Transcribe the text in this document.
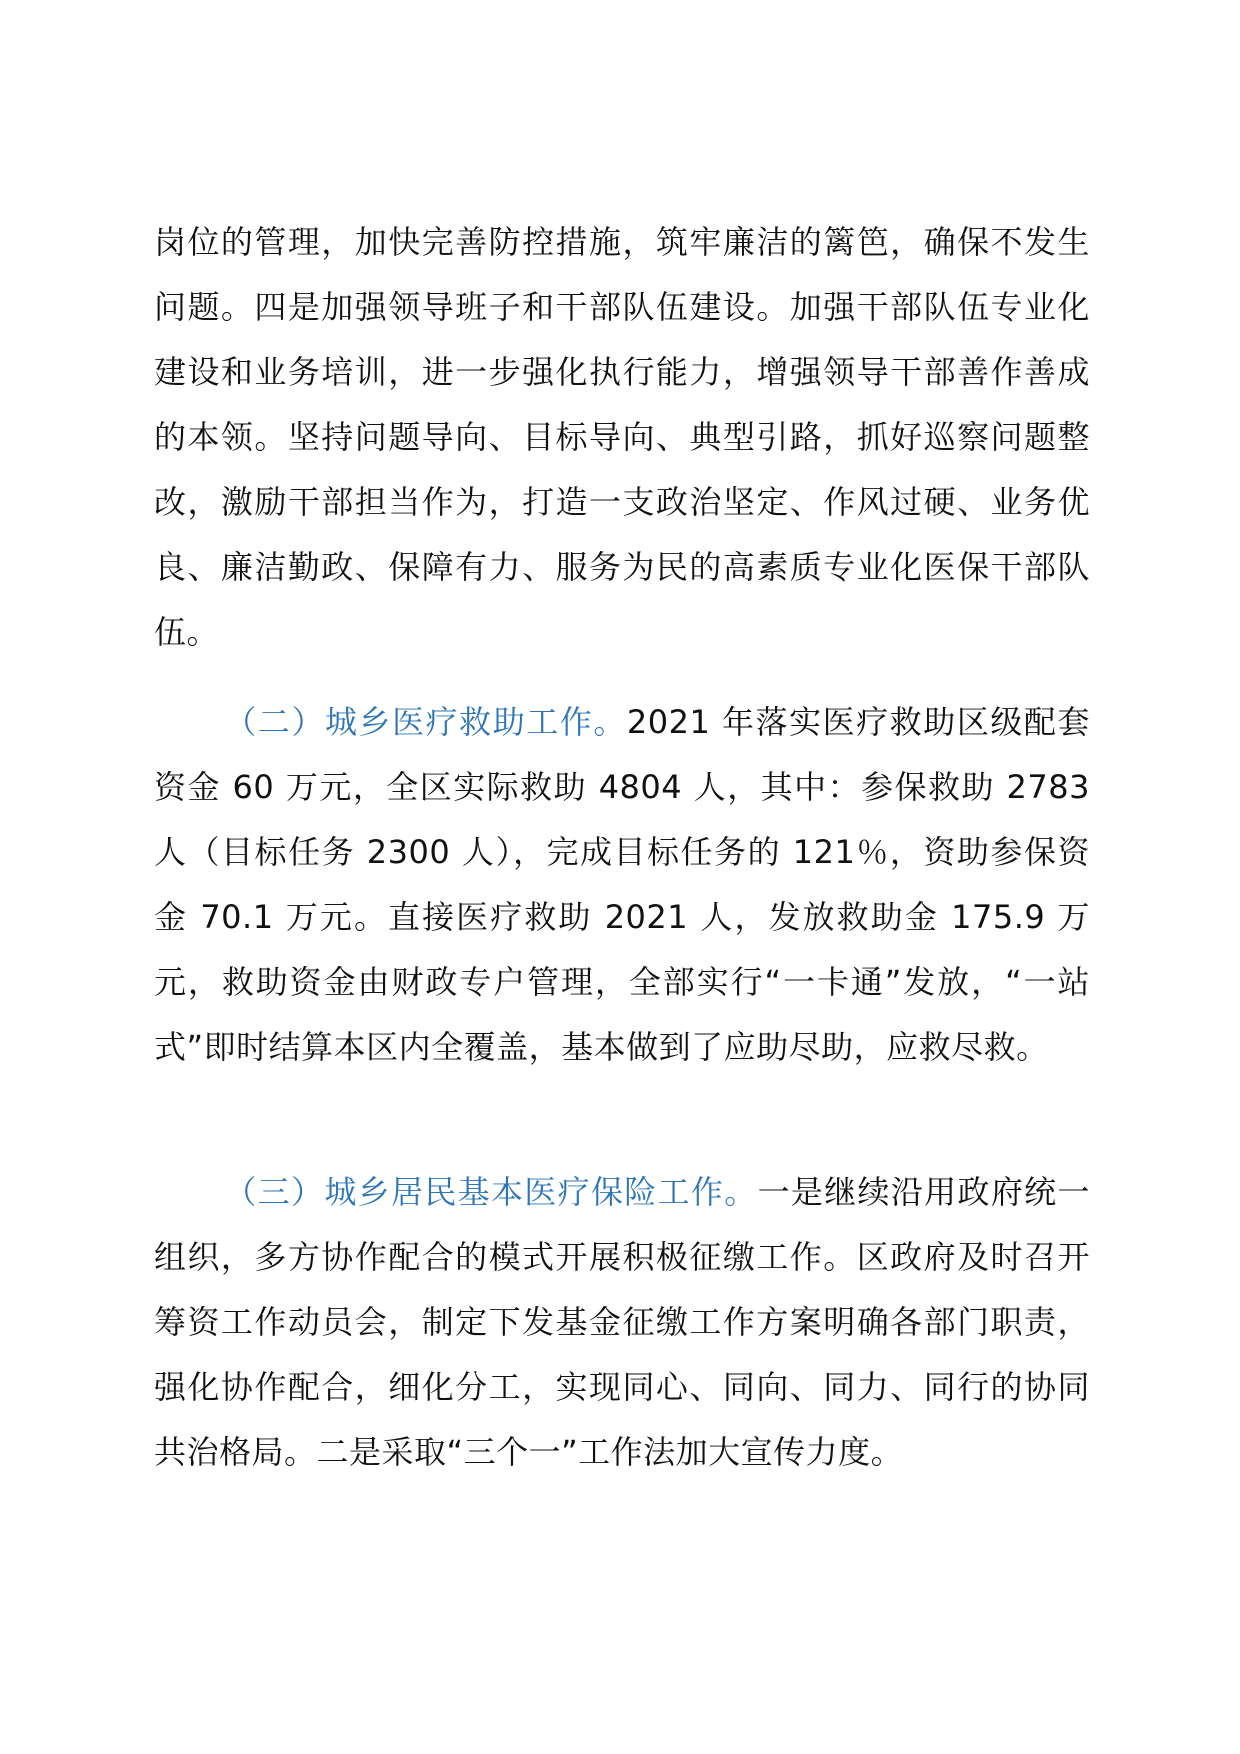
岗位的管理，加快完善防控措施，筑牢廉洁的篱笆，确保不发生问题。四是加强领导班子和干部队伍建设。加强干部队伍专业化建设和业务培训，进一步强化执行能力，增强领导干部善作善成的本领。坚持问题导向、目标导向、典型引路，抓好巡察问题整改，激励干部担当作为，打造一支政治坚定、作风过硬、业务优良、廉洁勤政、保障有力、服务为民的高素质专业化医保干部队伍。

（二）城乡医疗救助工作。2021 年落实医疗救助区级配套资金 60 万元，全区实际救助 4804 人，其中：参保救助 2783 人（目标任务 2300 人），完成目标任务的 121％，资助参保资金 70.1 万元。直接医疗救助 2021 人，发放救助金 175.9 万元，救助资金由财政专户管理，全部实行“一卡通”发放，“一站式”即时结算本区内全覆盖，基本做到了应助尽助，应救尽救。

（三）城乡居民基本医疗保险工作。一是继续沿用政府统一组织，多方协作配合的模式开展积极征缴工作。区政府及时召开筹资工作动员会，制定下发基金征缴工作方案明确各部门职责，强化协作配合，细化分工，实现同心、同向、同力、同行的协同共治格局。二是采取“三个一”工作法加大宣传力度。
